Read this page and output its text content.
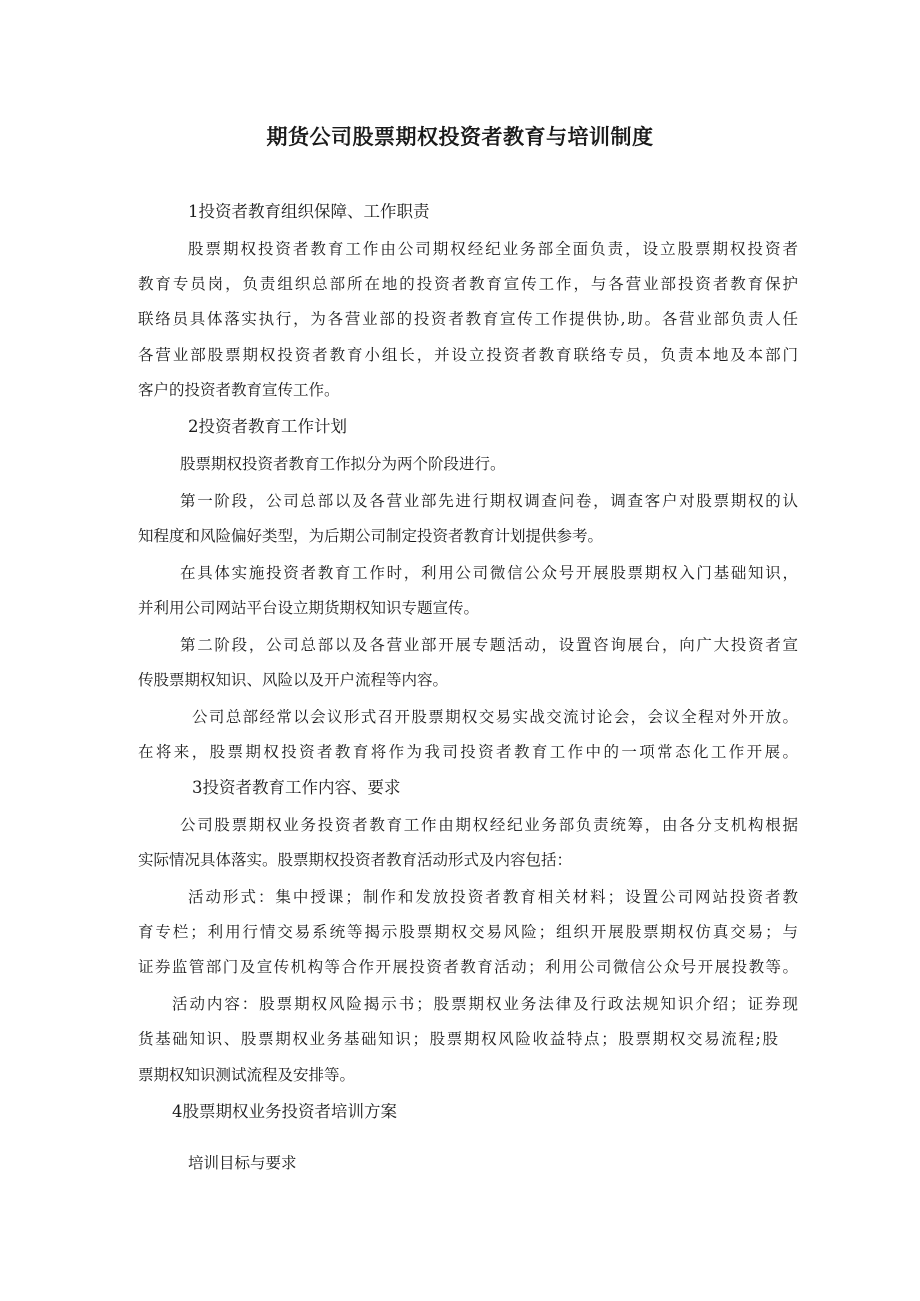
期货公司股票期权投资者教育与培训制度
1投资者教育组织保障、工作职责
股票期权投资者教育工作由公司期权经纪业务部全面负责，设立股票期权投资者
教育专员岗，负责组织总部所在地的投资者教育宣传工作，与各营业部投资者教育保护
联络员具体落实执行，为各营业部的投资者教育宣传工作提供协,助。各营业部负责人任
各营业部股票期权投资者教育小组长，并设立投资者教育联络专员，负责本地及本部门
客户的投资者教育宣传工作。
2投资者教育工作计划
股票期权投资者教育工作拟分为两个阶段进行。
第一阶段，公司总部以及各营业部先进行期权调查问卷，调查客户对股票期权的认
知程度和风险偏好类型，为后期公司制定投资者教育计划提供参考。
在具体实施投资者教育工作时，利用公司微信公众号开展股票期权入门基础知识，
并利用公司网站平台设立期货期权知识专题宣传。
第二阶段，公司总部以及各营业部开展专题活动，设置咨询展台，向广大投资者宣
传股票期权知识、风险以及开户流程等内容。
公司总部经常以会议形式召开股票期权交易实战交流讨论会，会议全程对外开放。
在将来，股票期权投资者教育将作为我司投资者教育工作中的一项常态化工作开展。
3投资者教育工作内容、要求
公司股票期权业务投资者教育工作由期权经纪业务部负责统筹，由各分支机构根据
实际情况具体落实。股票期权投资者教育活动形式及内容包括：
活动形式：集中授课；制作和发放投资者教育相关材料；设置公司网站投资者教
育专栏；利用行情交易系统等揭示股票期权交易风险；组织开展股票期权仿真交易；与
证券监管部门及宣传机构等合作开展投资者教育活动；利用公司微信公众号开展投教等。
活动内容：股票期权风险揭示书；股票期权业务法律及行政法规知识介绍；证券现
货基础知识、股票期权业务基础知识；股票期权风险收益特点；股票期权交易流程;股
票期权知识测试流程及安排等。
4股票期权业务投资者培训方案
培训目标与要求
